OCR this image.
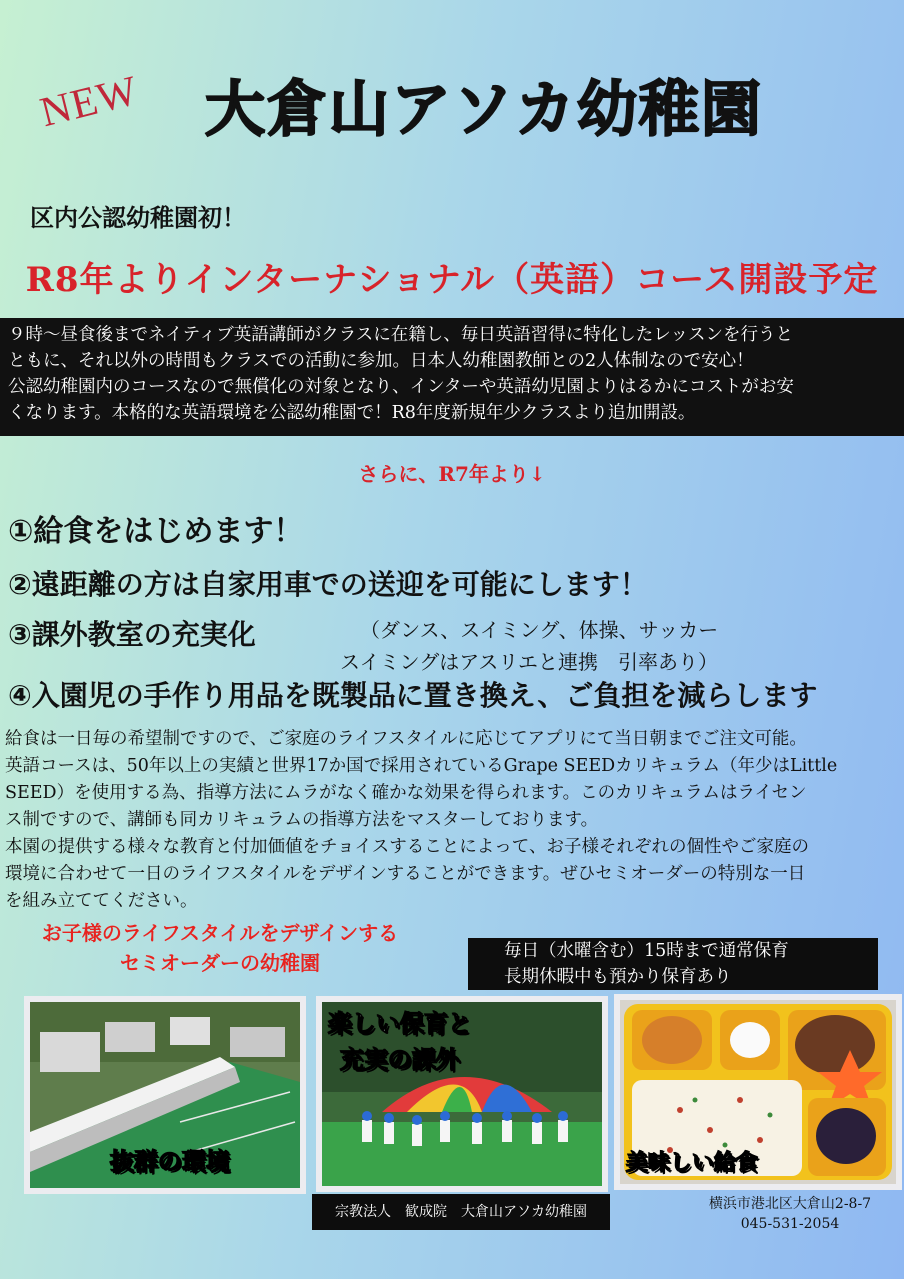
NEW 大倉山アソカ幼稚園
区内公認幼稚園初！
R8年よりインターナショナル（英語）コース開設予定
９時～昼食後までネイティブ英語講師がクラスに在籍し、毎日英語習得に特化したレッスンを行うと
ともに、それ以外の時間もクラスでの活動に参加。日本人幼稚園教師との2人体制なので安心！
公認幼稚園内のコースなので無償化の対象となり、インターや英語幼児園よりはるかにコストがお安
くなります。本格的な英語環境を公認幼稚園で！R8年度新規年少クラスより追加開設。
さらに、R7年より↓
①給食をはじめます！
②遠距離の方は自家用車での送迎を可能にします！
③課外教室の充実化	（ダンス、スイミング、体操、サッカー
スイミングはアスリエと連携　引率あり）
④入園児の手作り用品を既製品に置き換え、ご負担を減らします
給食は一日毎の希望制ですので、ご家庭のライフスタイルに応じてアプリにて当日朝までご注文可能。
英語コースは、50年以上の実績と世界17か国で採用されているGrape SEEDカリキュラム（年少はLittle
SEED）を使用する為、指導方法にムラがなく確かな効果を得られます。このカリキュラムはライセン
ス制ですので、講師も同カリキュラムの指導方法をマスターしております。
本園の提供する様々な教育と付加価値をチョイスすることによって、お子様それぞれの個性やご家庭の
環境に合わせて一日のライフスタイルをデザインすることができます。ぜひセミオーダーの特別な一日
を組み立ててください。
お子様のライフスタイルをデザインする
セミオーダーの幼稚園	毎日（水曜含む）15時まで通常保育
長期休暇中も預かり保育あり
抜群の環境
楽しい保育と
充実の課外
美味しい給食
宗教法人　歓成院　大倉山アソカ幼稚園	横浜市港北区大倉山2-8-7
045-531-2054
